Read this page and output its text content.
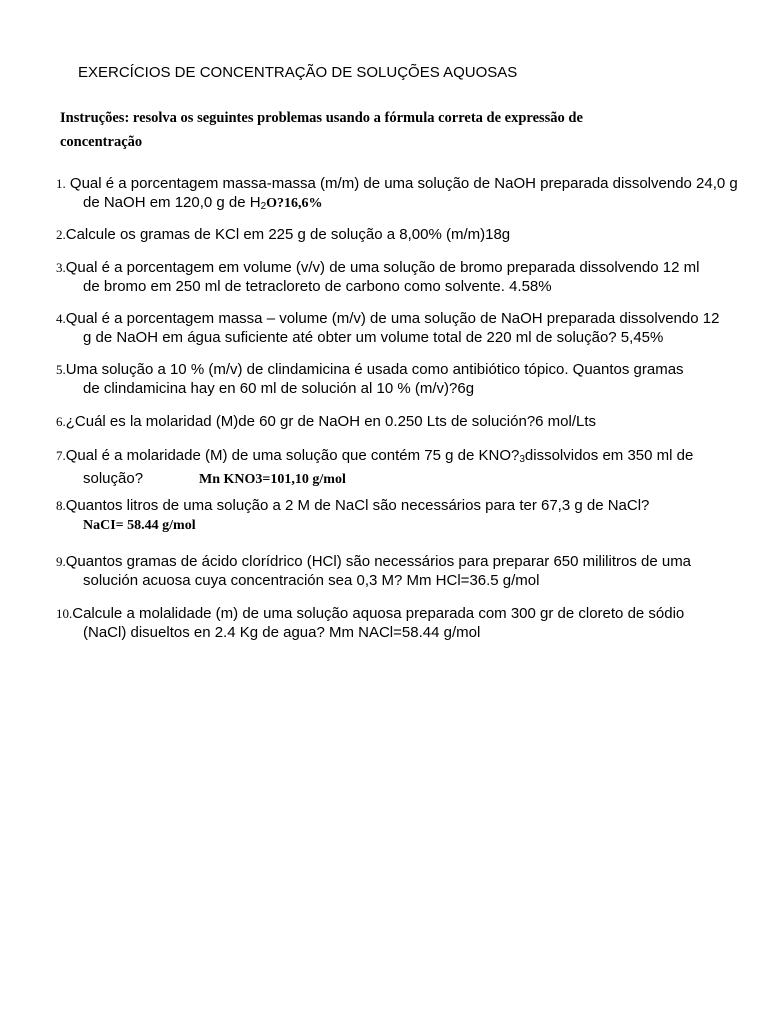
EXERCÍCIOS DE CONCENTRAÇÃO DE SOLUÇÕES AQUOSAS
Instruções: resolva os seguintes problemas usando a fórmula correta de expressão de
concentração
1. Qual é a porcentagem massa-massa (m/m) de uma solução de NaOH preparada dissolvendo 24,0 g
de NaOH em 120,0 g de $H_2O?16,6\%$
2.Calcule os gramas de KCl em 225 g de solução a 8,00% (m/m)18g
3.Qual é a porcentagem em volume (v/v) de uma solução de bromo preparada dissolvendo 12 ml
de bromo em 250 ml de tetracloreto de carbono como solvente. 4.58%
4.Qual é a porcentagem massa – volume (m/v) de uma solução de NaOH preparada dissolvendo 12
g de NaOH em água suficiente até obter um volume total de 220 ml de solução? 5,45%
5.Uma solução a 10 % (m/v) de clindamicina é usada como antibiótico tópico. Quantos gramas
de clindamicina hay en 60 ml de solución al 10 % (m/v)?6g
6.¿Cuál es la molaridad (M)de 60 gr de NaOH en 0.250 Lts de solución?6 mol/Lts
7.Qual é a molaridade (M) de uma solução que contém 75 g de $KNO?_3dissolvidos$ em 350 ml de
solução?	Mn KNO3=101,10 g/mol
8.Quantos litros de uma solução a 2 M de NaCl são necessários para ter 67,3 g de NaCl?
NaCI= 58.44 g/mol
9.Quantos gramas de ácido clorídrico (HCl) são necessários para preparar 650 mililitros de uma
solución acuosa cuya concentración sea 0,3 M? Mm HCl=36.5 g/mol
10.Calcule a molalidade (m) de uma solução aquosa preparada com 300 gr de cloreto de sódio
(NaCl) disueltos en 2.4 Kg de agua? Mm NACl=58.44 g/mol
